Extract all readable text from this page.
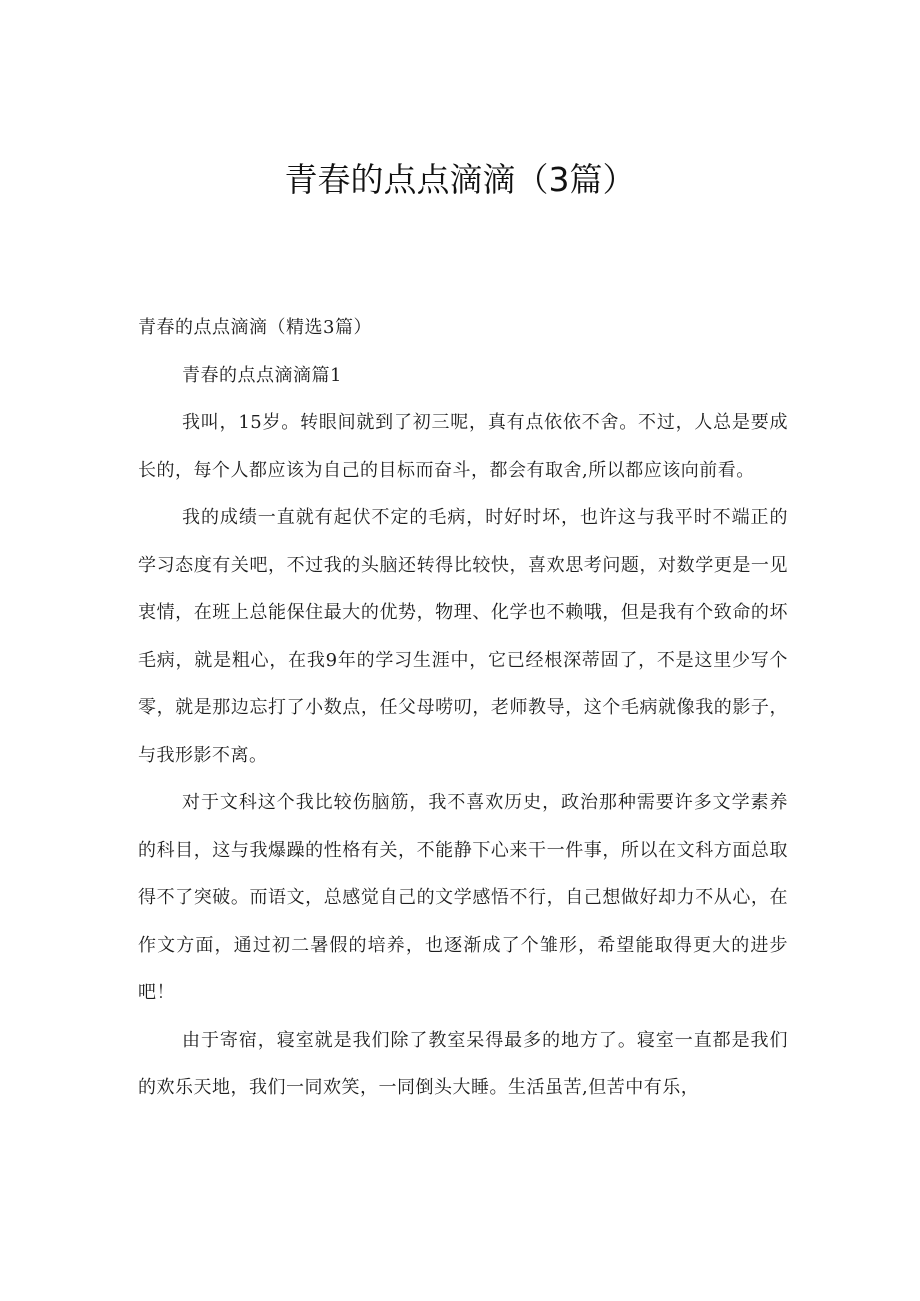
青春的点点滴滴（3篇）

青春的点点滴滴（精选3篇）

青春的点点滴滴篇1

我叫，15岁。转眼间就到了初三呢，真有点依依不舍。不过，人总是要成长的，每个人都应该为自己的目标而奋斗，都会有取舍,所以都应该向前看。

我的成绩一直就有起伏不定的毛病，时好时坏，也许这与我平时不端正的学习态度有关吧，不过我的头脑还转得比较快，喜欢思考问题，对数学更是一见衷情，在班上总能保住最大的优势，物理、化学也不赖哦，但是我有个致命的坏毛病，就是粗心，在我9年的学习生涯中，它已经根深蒂固了，不是这里少写个零，就是那边忘打了小数点，任父母唠叨，老师教导，这个毛病就像我的影子，与我形影不离。

对于文科这个我比较伤脑筋，我不喜欢历史，政治那种需要许多文学素养的科目，这与我爆躁的性格有关，不能静下心来干一件事，所以在文科方面总取得不了突破。而语文，总感觉自己的文学感悟不行，自己想做好却力不从心，在作文方面，通过初二暑假的培养，也逐渐成了个雏形，希望能取得更大的进步吧！

由于寄宿，寝室就是我们除了教室呆得最多的地方了。寝室一直都是我们的欢乐天地，我们一同欢笑，一同倒头大睡。生活虽苦,但苦中有乐，
